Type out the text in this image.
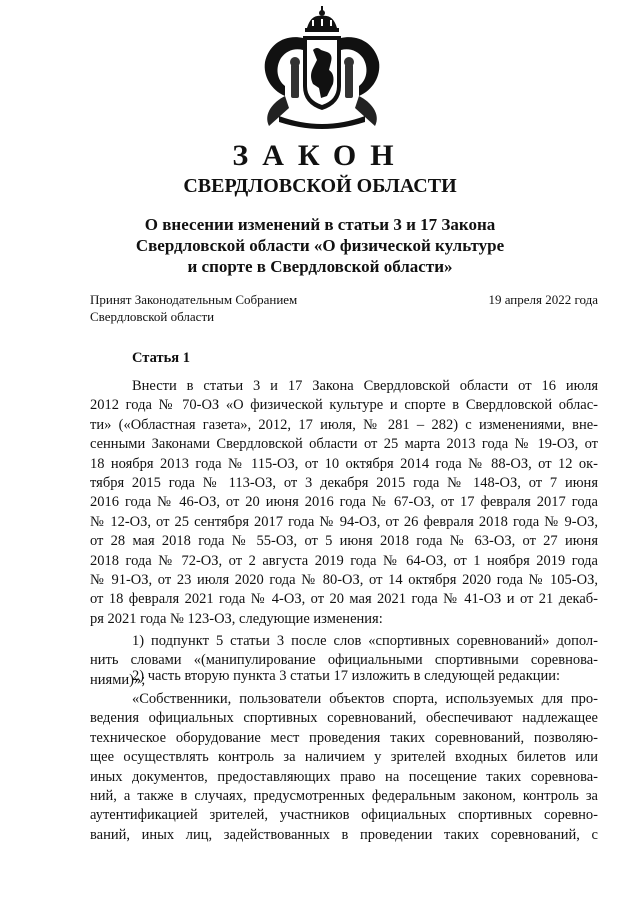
ЗАКОН
СВЕРДЛОВСКОЙ ОБЛАСТИ
О внесении изменений в статьи 3 и 17 Закона
Свердловской области «О физической культуре
и спорте в Свердловской области»
Принят Законодательным Собранием
Свердловской области
19 апреля 2022 года
Статья 1
Внести в статьи 3 и 17 Закона Свердловской области от 16 июля
2012 года № 70-ОЗ «О физической культуре и спорте в Свердловской облас-
ти» («Областная газета», 2012, 17 июля, № 281 – 282) с изменениями, вне-
сенными Законами Свердловской области от 25 марта 2013 года № 19-ОЗ, от
18 ноября 2013 года № 115-ОЗ, от 10 октября 2014 года № 88-ОЗ, от 12 ок-
тября 2015 года № 113-ОЗ, от 3 декабря 2015 года № 148-ОЗ, от 7 июня
2016 года № 46-ОЗ, от 20 июня 2016 года № 67-ОЗ, от 17 февраля 2017 года
№ 12-ОЗ, от 25 сентября 2017 года № 94-ОЗ, от 26 февраля 2018 года № 9-ОЗ,
от 28 мая 2018 года № 55-ОЗ, от 5 июня 2018 года № 63-ОЗ, от 27 июня
2018 года № 72-ОЗ, от 2 августа 2019 года № 64-ОЗ, от 1 ноября 2019 года
№ 91-ОЗ, от 23 июля 2020 года № 80-ОЗ, от 14 октября 2020 года № 105-ОЗ,
от 18 февраля 2021 года № 4-ОЗ, от 20 мая 2021 года № 41-ОЗ и от 21 декаб-
ря 2021 года № 123-ОЗ, следующие изменения:
1) подпункт 5 статьи 3 после слов «спортивных соревнований» допол-
нить словами «(манипулирование официальными спортивными соревнова-
ниями)»;
2) часть вторую пункта 3 статьи 17 изложить в следующей редакции:
«Собственники, пользователи объектов спорта, используемых для про-
ведения официальных спортивных соревнований, обеспечивают надлежащее
техническое оборудование мест проведения таких соревнований, позволяю-
щее осуществлять контроль за наличием у зрителей входных билетов или
иных документов, предоставляющих право на посещение таких соревнова-
ний, а также в случаях, предусмотренных федеральным законом, контроль за
аутентификацией зрителей, участников официальных спортивных соревно-
ваний, иных лиц, задействованных в проведении таких соревнований, с
